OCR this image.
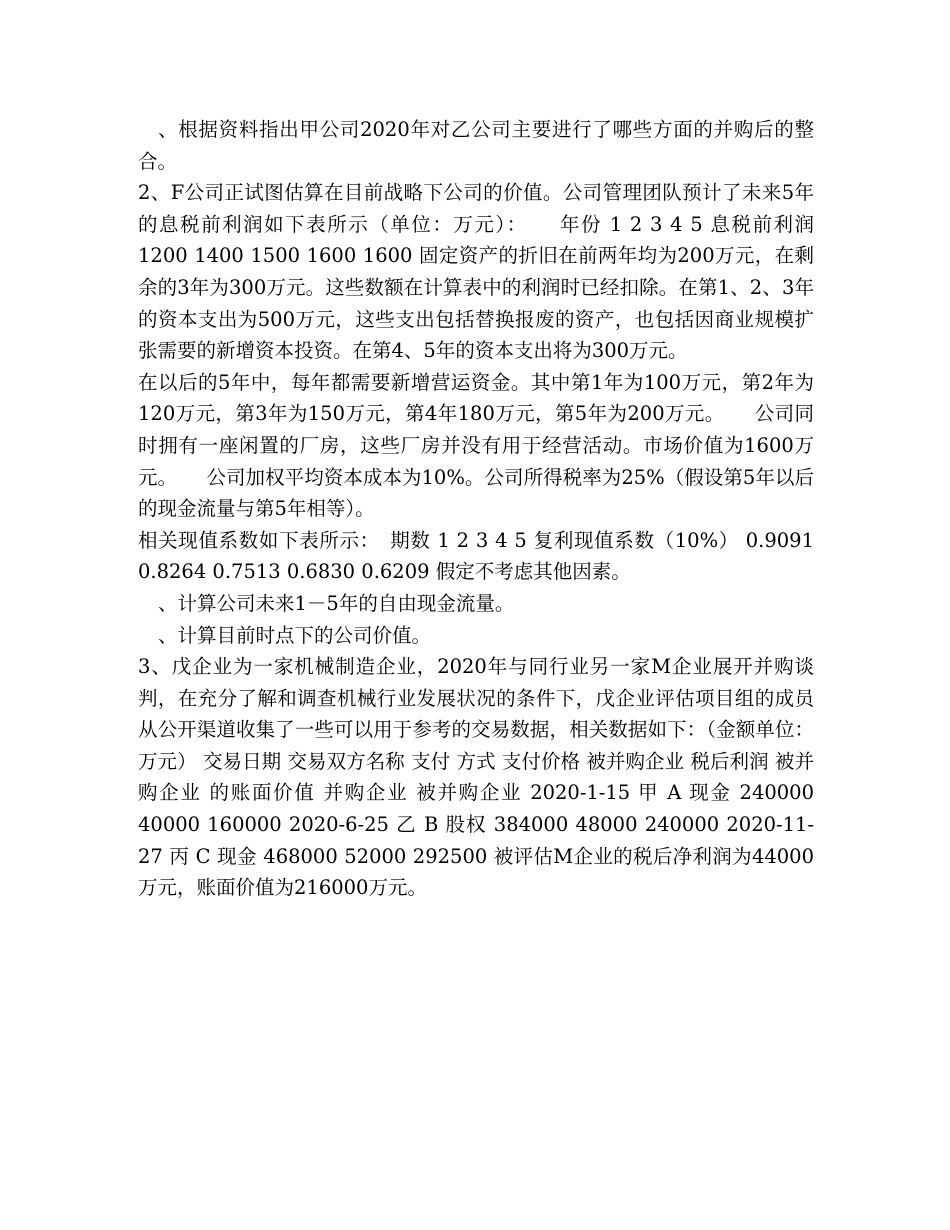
、根据资料指出甲公司2020年对乙公司主要进行了哪些方面的并购后的整合。

2、F公司正试图估算在目前战略下公司的价值。公司管理团队预计了未来5年的息税前利润如下表所示（单位：万元）：　　年份 1 2 3 4 5 息税前利润 1200 1400 1500 1600 1600 固定资产的折旧在前两年均为200万元，在剩余的3年为300万元。这些数额在计算表中的利润时已经扣除。在第1、2、3年的资本支出为500万元，这些支出包括替换报废的资产，也包括因商业规模扩张需要的新增资本投资。在第4、5年的资本支出将为300万元。

在以后的5年中，每年都需要新增营运资金。其中第1年为100万元，第2年为120万元，第3年为150万元，第4年180万元，第5年为200万元。　　公司同时拥有一座闲置的厂房，这些厂房并没有用于经营活动。市场价值为1600万元。　　公司加权平均资本成本为10%。公司所得税率为25%（假设第5年以后的现金流量与第5年相等）。

相关现值系数如下表所示：　期数 1 2 3 4 5 复利现值系数（10%） 0.9091 0.8264 0.7513 0.6830 0.6209 假定不考虑其他因素。

、计算公司未来1－5年的自由现金流量。

、计算目前时点下的公司价值。

3、戊企业为一家机械制造企业，2020年与同行业另一家M企业展开并购谈判，在充分了解和调查机械行业发展状况的条件下，戊企业评估项目组的成员从公开渠道收集了一些可以用于参考的交易数据，相关数据如下：（金额单位：万元） 交易日期 交易双方名称 支付 方式 支付价格 被并购企业 税后利润 被并购企业 的账面价值 并购企业 被并购企业 2020-1-15 甲 A 现金 240000 40000 160000 2020-6-25 乙 B 股权 384000 48000 240000 2020-11-27 丙 C 现金 468000 52000 292500 被评估M企业的税后净利润为44000万元，账面价值为216000万元。
